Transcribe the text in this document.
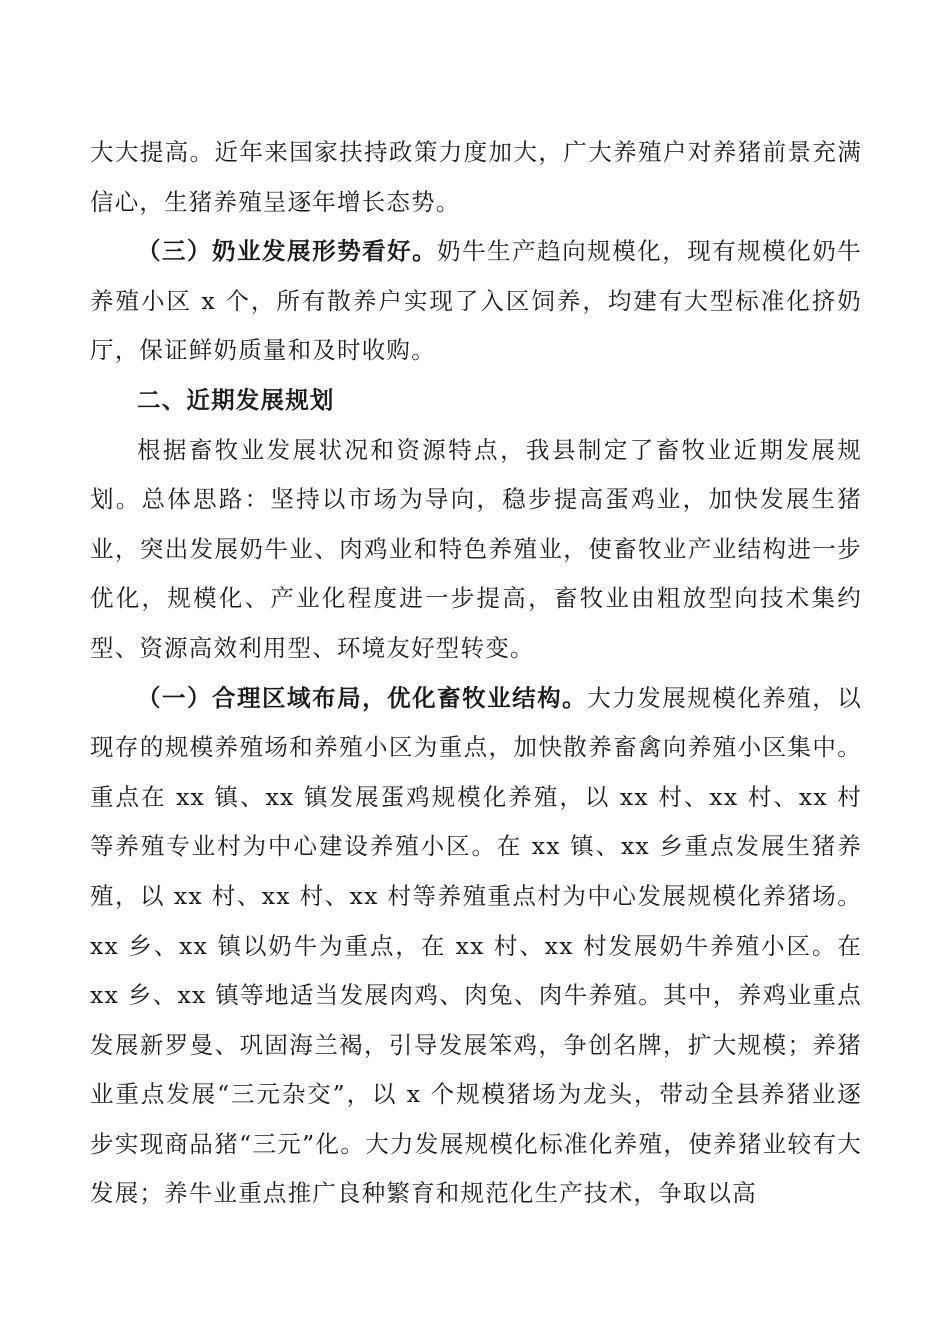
大大提高。近年来国家扶持政策力度加大，广大养殖户对养猪前景充满信心，生猪养殖呈逐年增长态势。

（三）奶业发展形势看好。奶牛生产趋向规模化，现有规模化奶牛养殖小区 x 个，所有散养户实现了入区饲养，均建有大型标准化挤奶厅，保证鲜奶质量和及时收购。

二、近期发展规划

根据畜牧业发展状况和资源特点，我县制定了畜牧业近期发展规划。总体思路：坚持以市场为导向，稳步提高蛋鸡业，加快发展生猪业，突出发展奶牛业、肉鸡业和特色养殖业，使畜牧业产业结构进一步优化，规模化、产业化程度进一步提高，畜牧业由粗放型向技术集约型、资源高效利用型、环境友好型转变。

（一）合理区域布局，优化畜牧业结构。大力发展规模化养殖，以现存的规模养殖场和养殖小区为重点，加快散养畜禽向养殖小区集中。重点在 xx 镇、xx 镇发展蛋鸡规模化养殖，以 xx 村、xx 村、xx 村等养殖专业村为中心建设养殖小区。在 xx 镇、xx 乡重点发展生猪养殖，以 xx 村、xx 村、xx 村等养殖重点村为中心发展规模化养猪场。xx 乡、xx 镇以奶牛为重点，在 xx 村、xx 村发展奶牛养殖小区。在 xx 乡、xx 镇等地适当发展肉鸡、肉兔、肉牛养殖。其中，养鸡业重点发展新罗曼、巩固海兰褐，引导发展笨鸡，争创名牌，扩大规模；养猪业重点发展“三元杂交”，以 x 个规模猪场为龙头，带动全县养猪业逐步实现商品猪“三元”化。大力发展规模化标准化养殖，使养猪业较有大发展；养牛业重点推广良种繁育和规范化生产技术，争取以高
